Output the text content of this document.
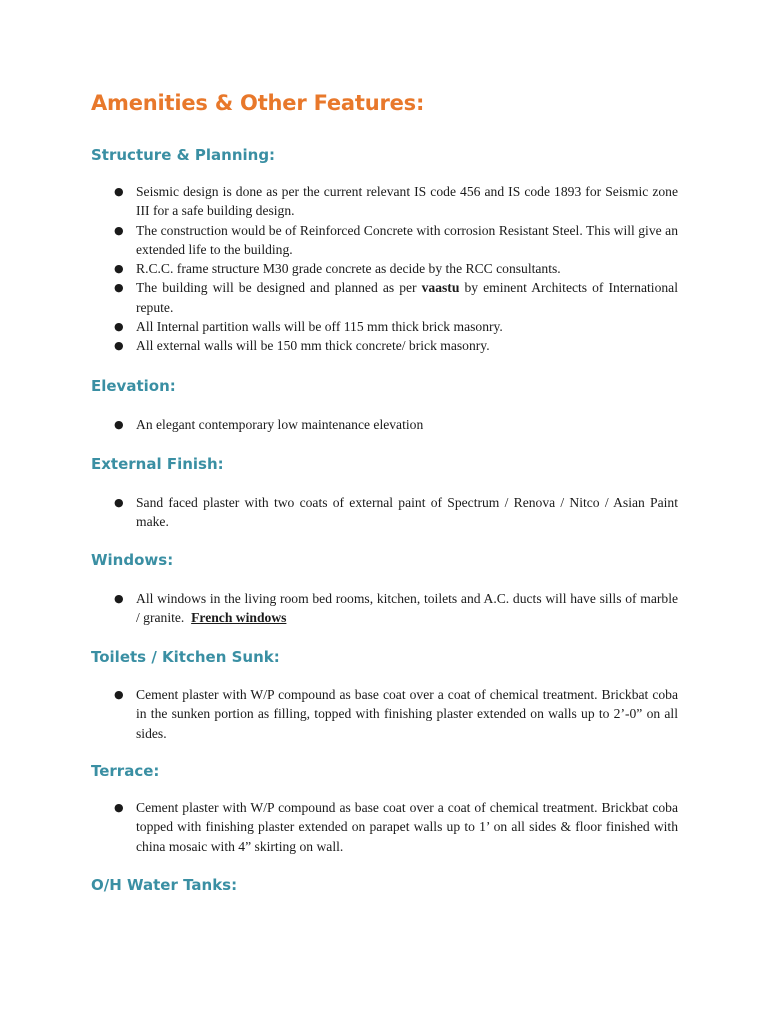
Amenities & Other Features:
Structure & Planning:
● Seismic design is done as per the current relevant IS code 456 and IS code 1893 for Seismic zone III for a safe building design.
● The construction would be of Reinforced Concrete with corrosion Resistant Steel. This will give an extended life to the building.
● R.C.C. frame structure M30 grade concrete as decide by the RCC consultants.
● The building will be designed and planned as per vaastu by eminent Architects of International repute.
● All Internal partition walls will be off 115 mm thick brick masonry.
● All external walls will be 150 mm thick concrete/ brick masonry.
Elevation:
● An elegant contemporary low maintenance elevation
External Finish:
● Sand faced plaster with two coats of external paint of Spectrum / Renova / Nitco / Asian Paint make.
Windows:
● All windows in the living room bed rooms, kitchen, toilets and A.C. ducts will have sills of marble / granite. French windows
Toilets / Kitchen Sunk:
● Cement plaster with W/P compound as base coat over a coat of chemical treatment. Brickbat coba in the sunken portion as filling, topped with finishing plaster extended on walls up to 2’-0” on all sides.
Terrace:
● Cement plaster with W/P compound as base coat over a coat of chemical treatment. Brickbat coba topped with finishing plaster extended on parapet walls up to 1’ on all sides & floor finished with china mosaic with 4” skirting on wall.
O/H Water Tanks:
